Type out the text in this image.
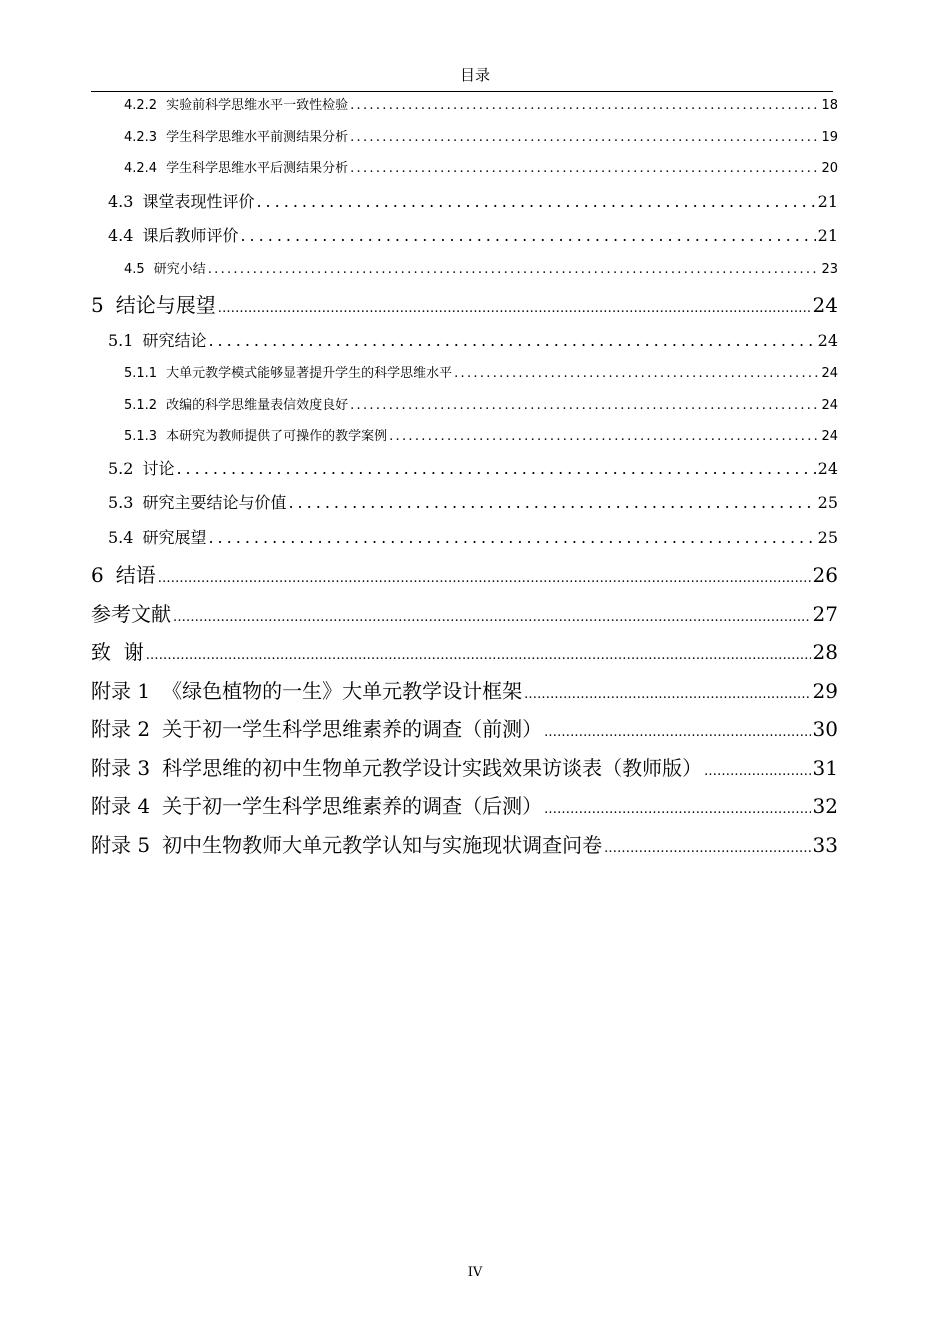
目录
4.2.2 实验前科学思维水平一致性检验 .....	18
4.2.3 学生科学思维水平前测结果分析 .....	19
4.2.4 学生科学思维水平后测结果分析 .....	20
4.3 课堂表现性评价 .....	21
4.4 课后教师评价 .....	21
4.5 研究小结 .....	23
5 结论与展望 .....	24
5.1 研究结论 .....	24
5.1.1 大单元教学模式能够显著提升学生的科学思维水平 .....	24
5.1.2 改编的科学思维量表信效度良好 .....	24
5.1.3 本研究为教师提供了可操作的教学案例 .....	24
5.2 讨论 .....	24
5.3 研究主要结论与价值 .....	25
5.4 研究展望 .....	25
6 结语 .....	26
参考文献 .....	27
致  谢 .....	28
附录 1 《绿色植物的一生》大单元教学设计框架 .....	29
附录 2 关于初一学生科学思维素养的调查（前测） .....	30
附录 3 科学思维的初中生物单元教学设计实践效果访谈表（教师版） .....	31
附录 4 关于初一学生科学思维素养的调查（后测） .....	32
附录 5 初中生物教师大单元教学认知与实施现状调查问卷 .....	33
IV
